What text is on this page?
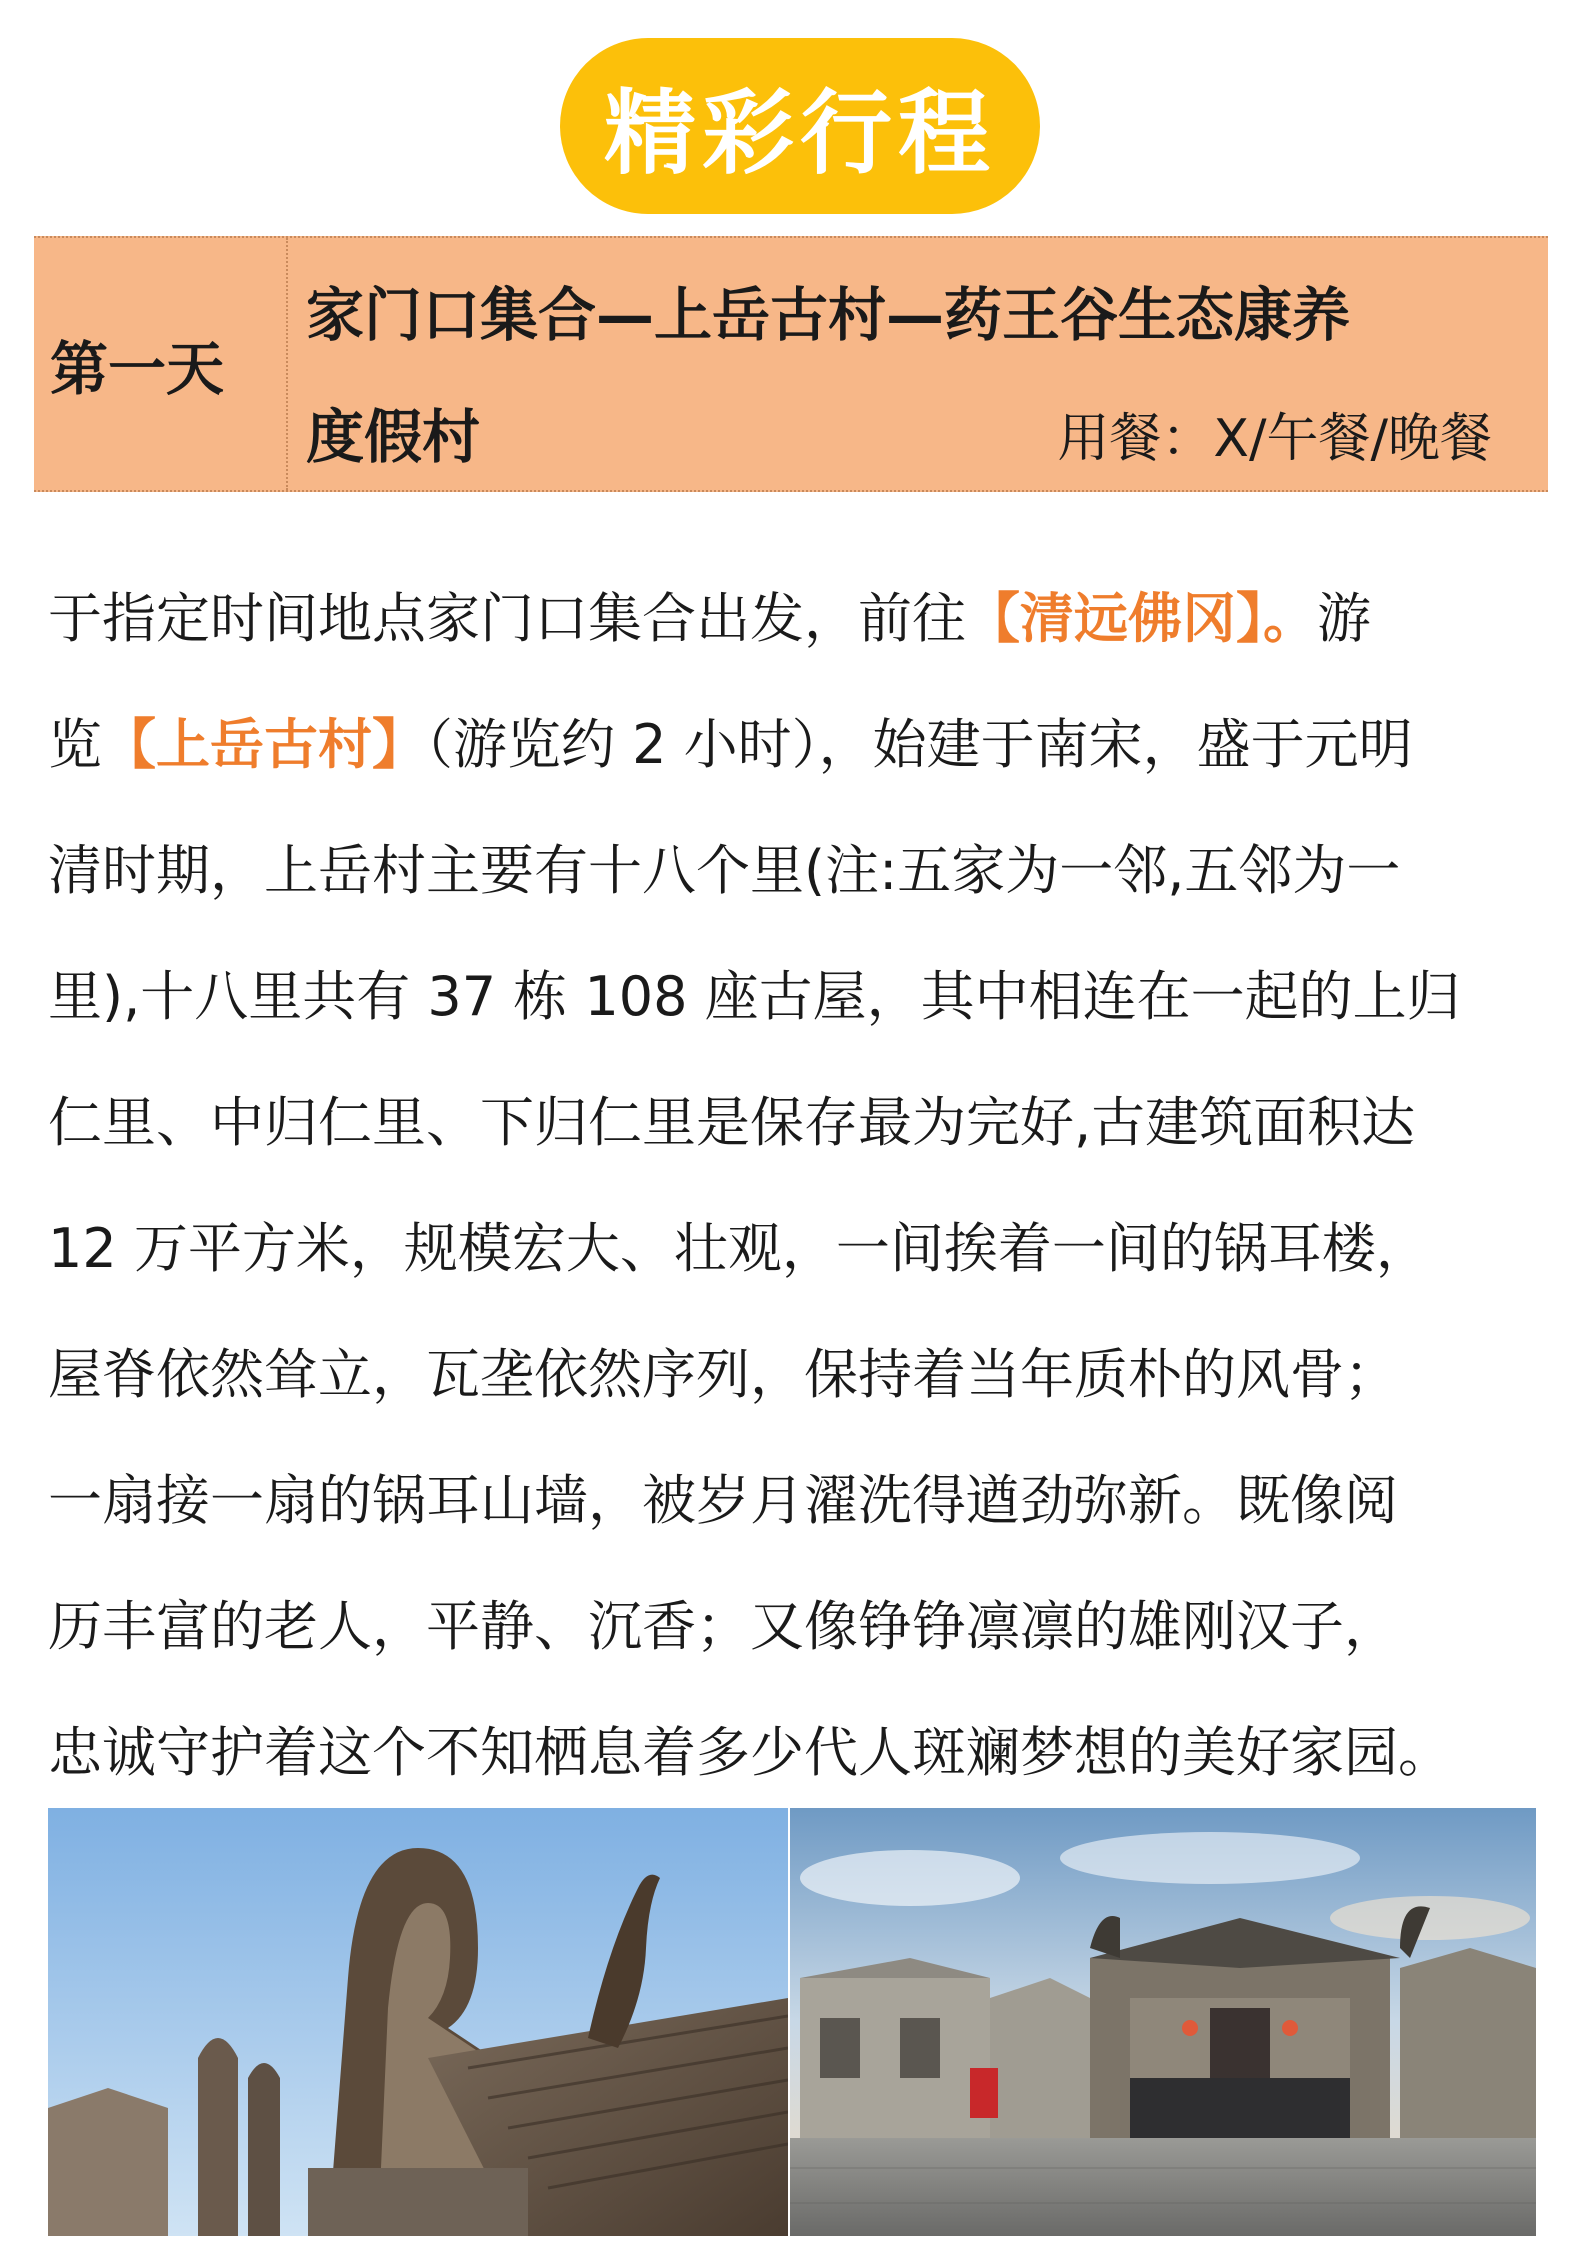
精彩行程
第一天
家门口集合—上岳古村—药王谷生态康养
度假村	用餐：X/午餐/晚餐
于指定时间地点家门口集合出发，前往【清远佛冈】。游
览【上岳古村】（游览约 2 小时），始建于南宋，盛于元明
清时期，上岳村主要有十八个里(注:五家为一邻,五邻为一
里),十八里共有 37 栋 108 座古屋，其中相连在一起的上归
仁里、中归仁里、下归仁里是保存最为完好,古建筑面积达
12 万平方米，规模宏大、壮观，一间挨着一间的锅耳楼，
屋脊依然耸立，瓦垄依然序列，保持着当年质朴的风骨；
一扇接一扇的锅耳山墙，被岁月濯洗得遒劲弥新。既像阅
历丰富的老人，平静、沉香；又像铮铮凛凛的雄刚汉子，
忠诚守护着这个不知栖息着多少代人斑斓梦想的美好家园。
